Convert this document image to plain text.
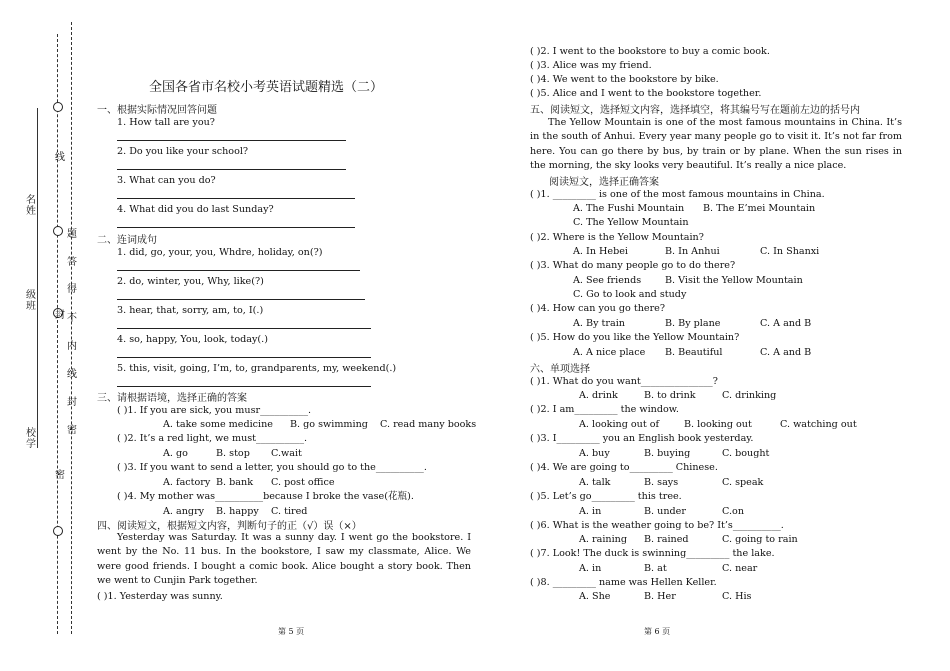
名姓
级班
校学
线
题
答
得
不
内
线
封
密
封
密
全国各省市名校小考英语试题精选（二）
一、根据实际情况回答问题
1. How tall are you?
2. Do you like your school?
3. What can you do?
4. What did you do last Sunday?
二、连词成句
1. did, go, your, you, Whdre, holiday, on(?)
2. do, winter, you, Why, like(?)
3. hear, that, sorry, am, to, I(.)
4. so, happy, You, look, today(.)
5. this, visit, going, I’m, to, grandparents, my, weekend(.)
三、请根据语境，选择正确的答案
( )1. If you are sick, you musr__________.
A. take some medicine B. go swimming C. read many books
( )2. It’s a red light, we must__________.
A. go	B. stop C.wait
( )3. If you want to send a letter, you should go to the__________.
A. factory B. bank C. post office
( )4. My mother was__________because I broke the vase(花瓶).
A. angry B. happy C. tired
四、阅读短文，根据短文内容，判断句子的正（√）误（×）
Yesterday was Saturday. It was a sunny day. I went go the bookstore. I went by the No. 11 bus. In the bookstore, I saw my classmate, Alice. We were good friends. I bought a comic book. Alice bought a story book. Then we went to Cunjin Park together.
( )1. Yesterday was sunny.
第 5 页
( )2. I went to the bookstore to buy a comic book.
( )3. Alice was my friend.
( )4. We went to the bookstore by bike.
( )5. Alice and I went to the bookstore together.
五、阅读短文，选择短文内容，选择填空，将其编号写在题前左边的括号内
The Yellow Mountain is one of the most famous mountains in China. It’s in the south of Anhui. Every year many people go to visit it. It’s not far from here. You can go there by bus, by train or by plane. When the sun rises in the morning, the sky looks very beautiful. It’s really a nice place.
阅读短文，选择正确答案
( )1. _________ is one of the most famous mountains in China.
A. The Fushi Mountain B. The E’mei Mountain
C. The Yellow Mountain
( )2. Where is the Yellow Mountain?
A. In Hebei	B. In Anhui	C. In Shanxi
( )3. What do many people go to do there?
A. See friends B. Visit the Yellow Mountain
C. Go to look and study
( )4. How can you go there?
A. By train	B. By plane	C. A and B
( )5. How do you like the Yellow Mountain?
A. A nice place B. Beautiful	C. A and B
六、单项选择
( )1. What do you want_______________?
A. drink	B. to drink	C. drinking
( )2. I am_________ the window.
A. looking out of	B. looking out	C. watching out
( )3. I_________ you an English book yesterday.
A. buy	B. buying	C. bought
( )4. We are going to_________ Chinese.
A. talk	B. says	C. speak
( )5. Let’s go_________ this tree.
A. in	B. under	C.on
( )6. What is the weather going to be? It’s__________.
A. raining B. rained	C. going to rain
( )7. Look! The duck is swinning_________ the lake.
A. in	B. at	C. near
( )8. _________ name was Hellen Keller.
A. She	B. Her	C. His
第 6 页
